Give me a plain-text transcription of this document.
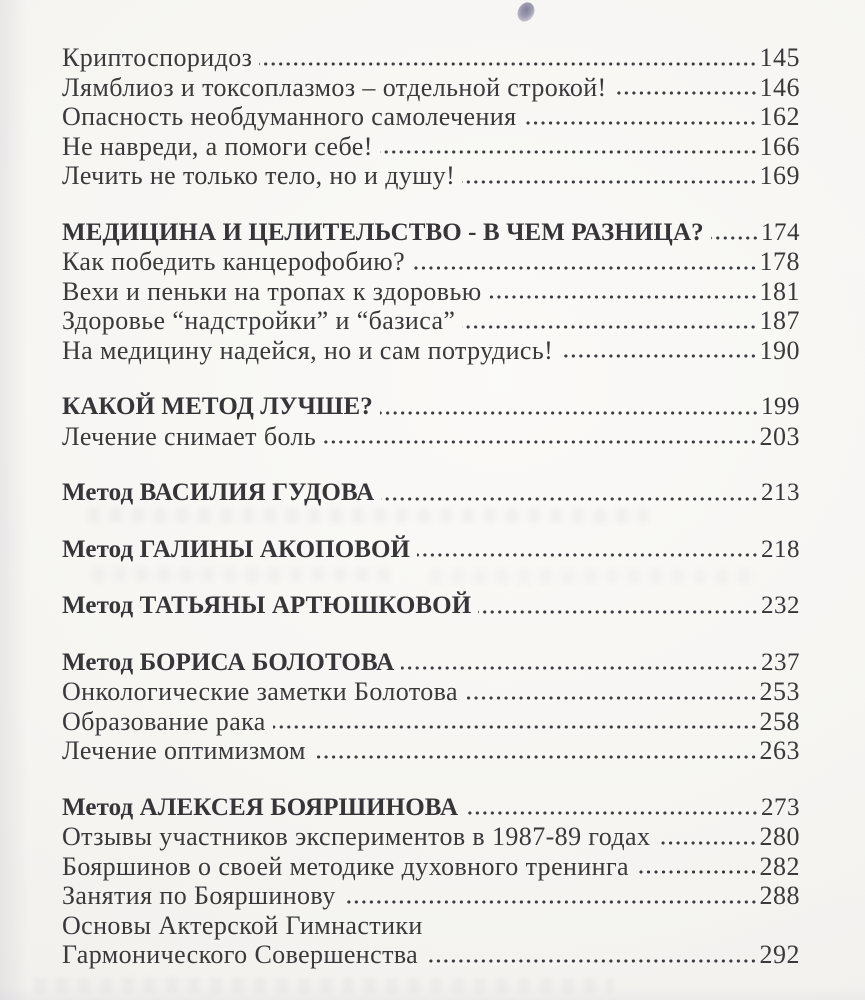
Криптоспоридоз	145
Лямблиоз и токсоплазмоз – отдельной строкой!	146
Опасность необдуманного самолечения	162
Не навреди, а помоги себе!	166
Лечить не только тело, но и душу!	169
МЕДИЦИНА И ЦЕЛИТЕЛЬСТВО - В ЧЕМ РАЗНИЦА? 174
Как победить канцерофобию?	178
Вехи и пеньки на тропах к здоровью	181
Здоровье “надстройки” и “базиса”	187
На медицину надейся, но и сам потрудись!	190
КАКОЙ МЕТОД ЛУЧШЕ?	199
Лечение снимает боль	203
Метод ВАСИЛИЯ ГУДОВА	213
Метод ГАЛИНЫ АКОПОВОЙ	218
Метод ТАТЬЯНЫ АРТЮШКОВОЙ	232
Метод БОРИСА БОЛОТОВА	237
Онкологические заметки Болотова	253
Образование рака	258
Лечение оптимизмом	263
Метод АЛЕКСЕЯ БОЯРШИНОВА	273
Отзывы участников экспериментов в 1987-89 годах	280
Бояршинов о своей методике духовного тренинга	282
Занятия по Бояршинову	288
Основы Актерской Гимнастики
Гармонического Совершенства	292
